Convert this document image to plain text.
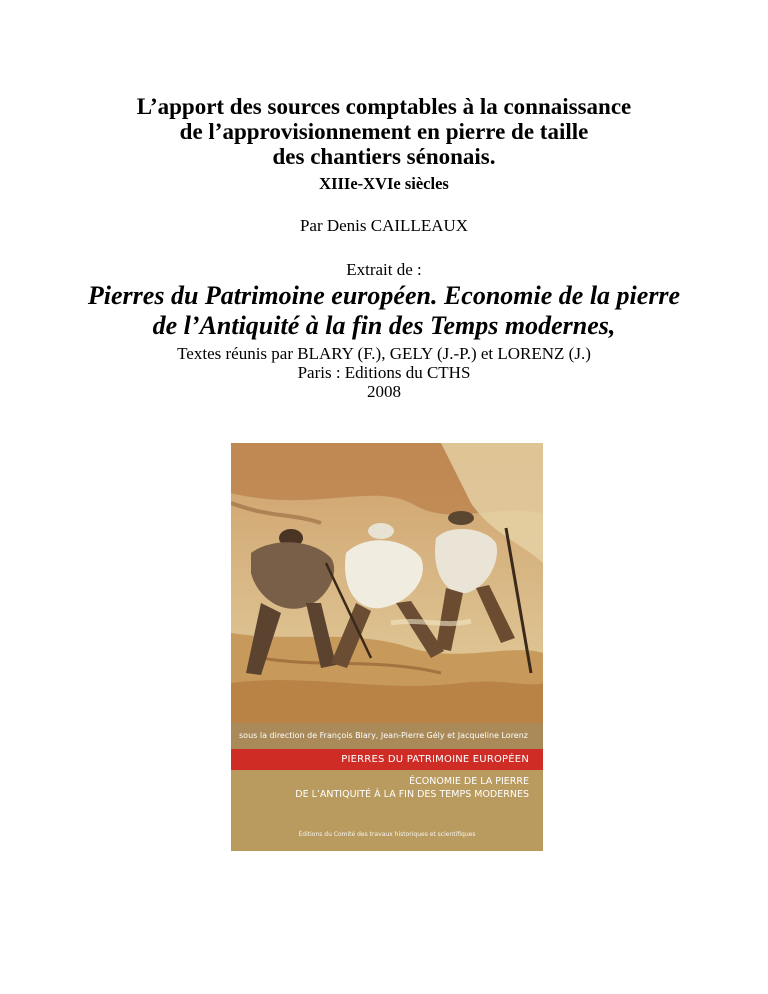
L’apport des sources comptables à la connaissance
de l’approvisionnement en pierre de taille
des chantiers sénonais.
XIIIe-XVIe siècles
Par Denis CAILLEAUX
Extrait de :
Pierres du Patrimoine européen. Economie de la pierre
de l’Antiquité à la fin des Temps modernes,
Textes réunis par BLARY (F.), GELY (J.-P.) et LORENZ (J.)
Paris : Editions du CTHS
2008
sous la direction de François Blary, Jean-Pierre Gély et Jacqueline Lorenz
PIERRES DU PATRIMOINE EUROPÉEN
ÉCONOMIE DE LA PIERRE
DE L’ANTIQUITÉ À LA FIN DES TEMPS MODERNES
Éditions du Comité des travaux historiques et scientifiques
